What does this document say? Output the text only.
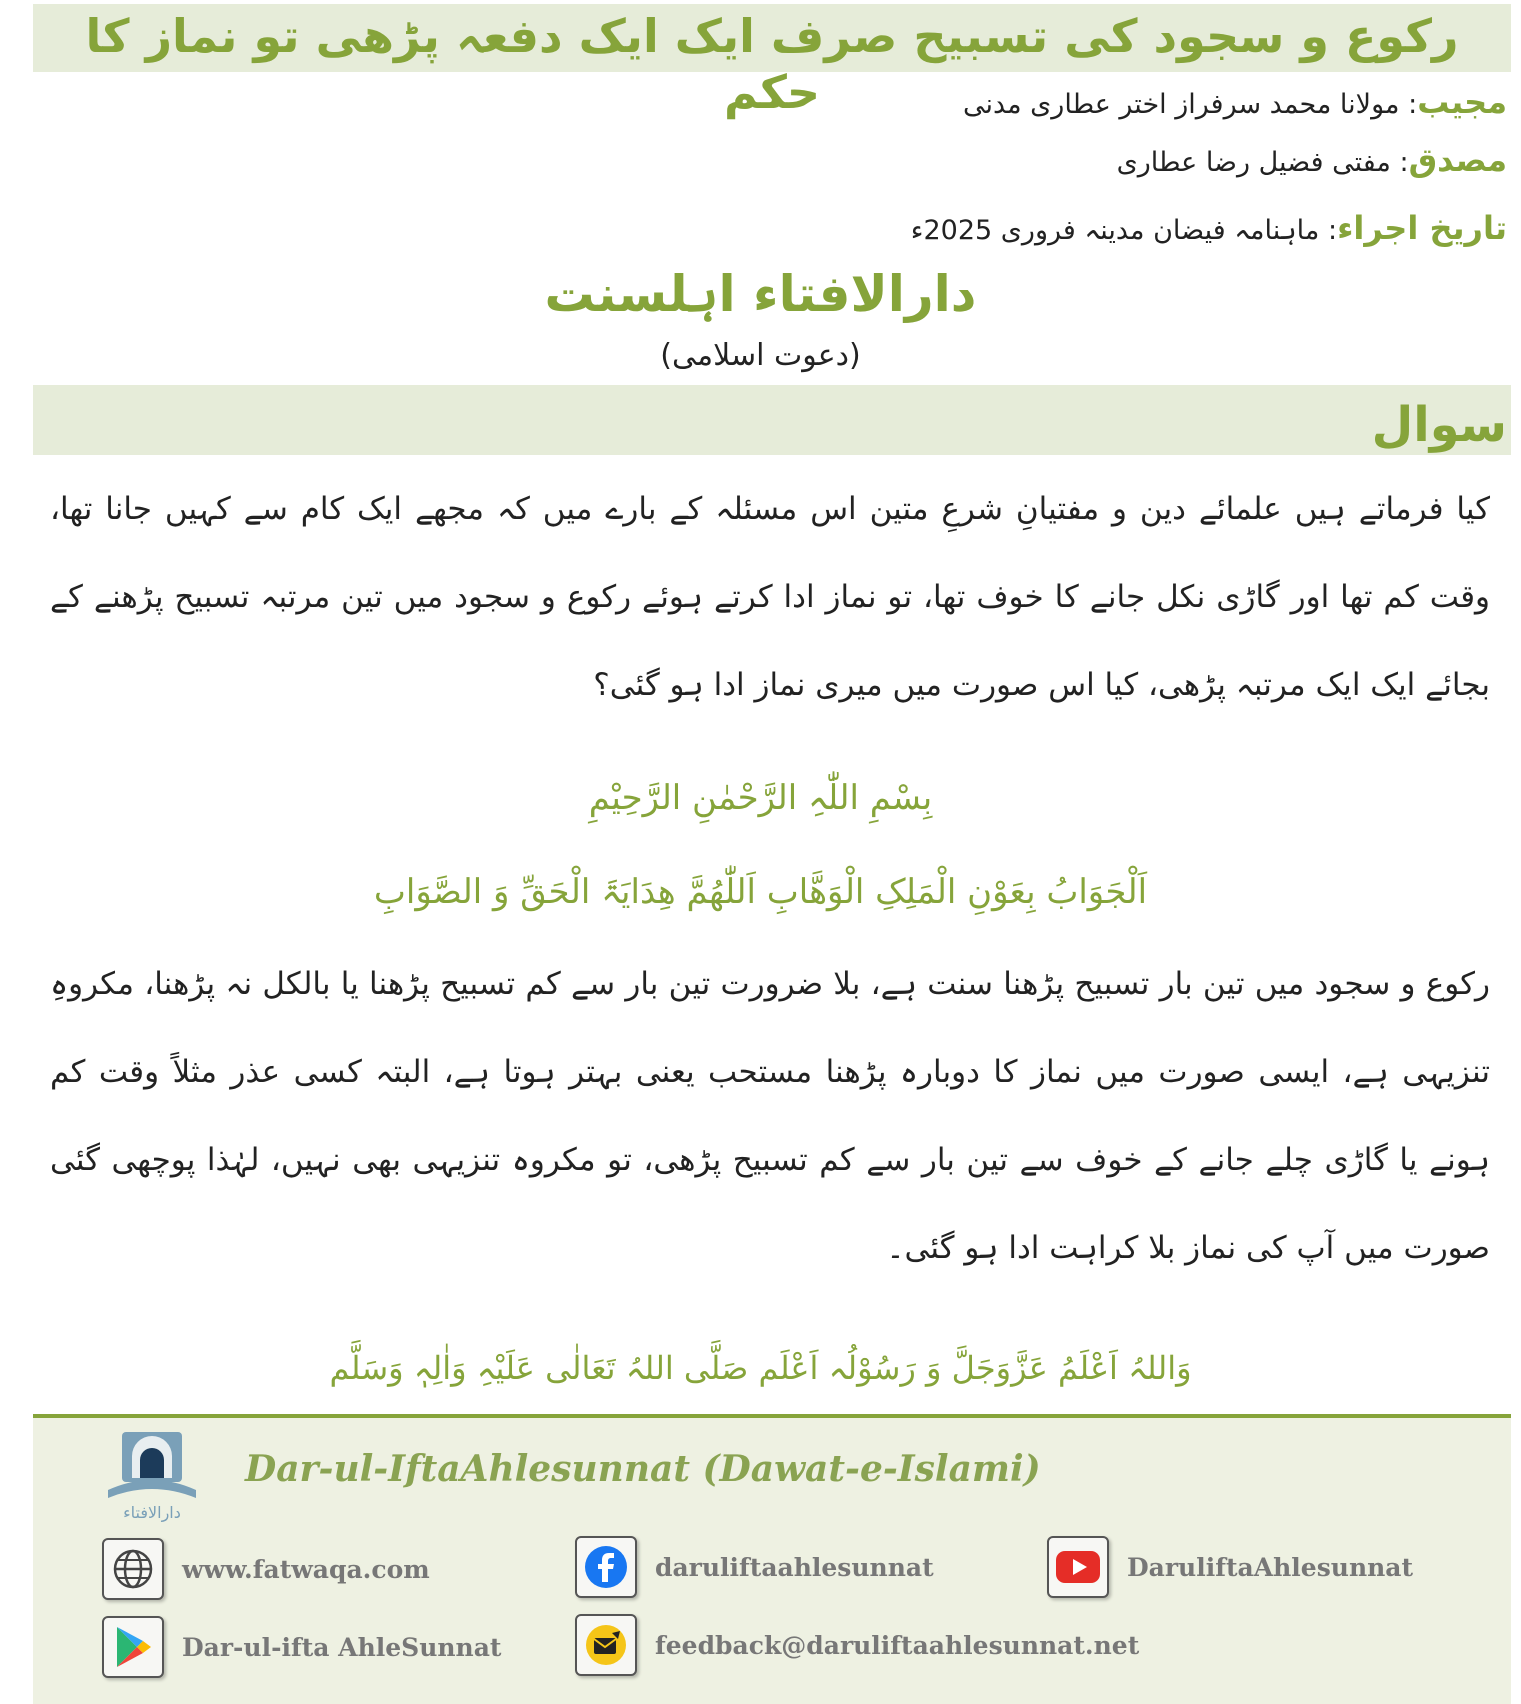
رکوع و سجود کی تسبیح صرف ایک ایک دفعہ پڑھی تو نماز کا حکم	مجیب: مولانا محمد سرفراز اختر عطاری مدنی
مصدق: مفتی فضیل رضا عطاری
تاریخ اجراء: ماہنامہ فیضان مدینہ فروری 2025ء
دارالافتاء اہلسنت
(دعوت اسلامی)
سوال
کیا فرماتے ہیں علمائے دین و مفتیانِ شرعِ متین اس مسئلہ کے بارے میں کہ مجھے ایک کام سے کہیں جانا تھا، وقت کم تھا اور گاڑی نکل جانے کا خوف تھا، تو نماز ادا کرتے ہوئے رکوع و سجود میں تین مرتبہ تسبیح پڑھنے کے بجائے ایک ایک مرتبہ پڑھی، کیا اس صورت میں میری نماز ادا ہو گئی؟
بِسْمِ اللّٰہِ الرَّحْمٰنِ الرَّحِیْمِ
اَلْجَوَابُ بِعَوْنِ الْمَلِکِ الْوَھَّابِ اَللّٰھُمَّ ھِدَایَۃَ الْحَقِّ وَ الصَّوَابِ
رکوع و سجود میں تین بار تسبیح پڑھنا سنت ہے، بلا ضرورت تین بار سے کم تسبیح پڑھنا یا بالکل نہ پڑھنا، مکروہِ تنزیہی ہے، ایسی صورت میں نماز کا دوبارہ پڑھنا مستحب یعنی بہتر ہوتا ہے، البتہ کسی عذر مثلاً وقت کم ہونے یا گاڑی چلے جانے کے خوف سے تین بار سے کم تسبیح پڑھی، تو مکروہ تنزیہی بھی نہیں، لہٰذا پوچھی گئی صورت میں آپ کی نماز بلا کراہت ادا ہو گئی۔
وَاللہُ اَعْلَمُ عَزَّوَجَلَّ وَ رَسُوْلُہ اَعْلَم صَلَّی اللہُ تَعَالٰی عَلَیْہِ وَاٰلِہٖ وَسَلَّم
دارالافتاء
Dar-ul-IftaAhlesunnat (Dawat-e-Islami)
www.fatwaqa.com	daruliftaahlesunnat	DaruliftaAhlesunnat
Dar-ul-ifta AhleSunnat	feedback@daruliftaahlesunnat.net
